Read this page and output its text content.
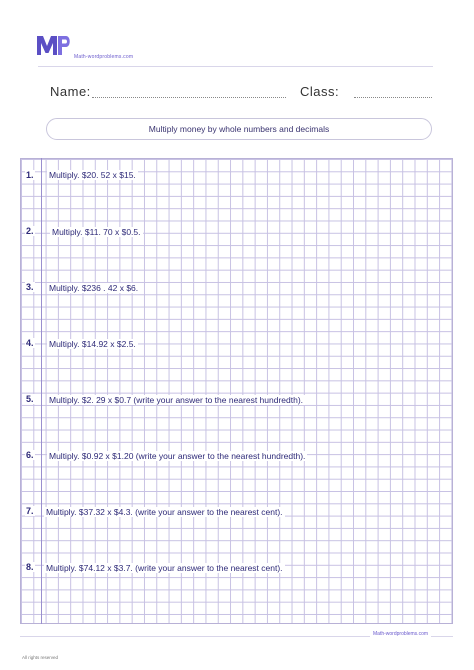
Math-wordproblems.com
Name:	Class:
Multiply money by whole numbers and decimals
1. Multiply. $20. 52 x $15.
2. Multiply. $11. 70 x $0.5.
3. Multiply. $236 . 42 x $6.
4. Multiply. $14.92 x $2.5.
5. Multiply. $2. 29 x $0.7 (write your answer to the nearest hundredth).
6. Multiply. $0.92 x $1.20 (write your answer to the nearest hundredth).
7. Multiply. $37.32 x $4.3. (write your answer to the nearest cent).
8. Multiply. $74.12 x $3.7. (write your answer to the nearest cent).
Math-wordproblems.com
All rights reserved
